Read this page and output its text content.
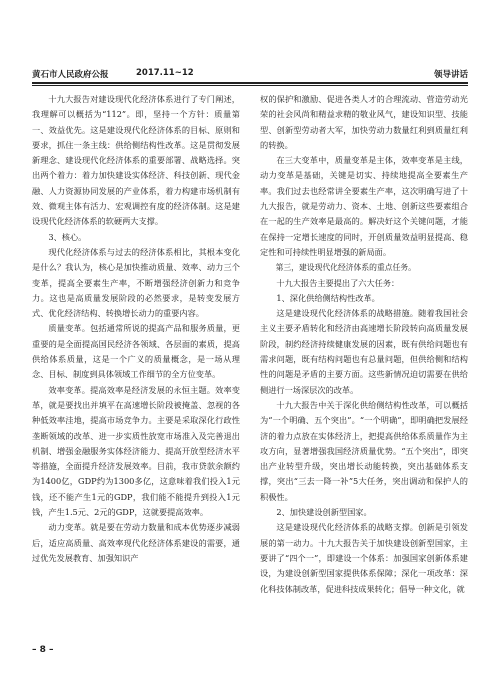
黄石市人民政府公报	2017.11~12	领导讲话

十九大报告对建设现代化经济体系进行了专门阐述，我理解可以概括为“112”。即，坚持一个方针：质量第一、效益优先。这是建设现代化经济体系的目标、原则和要求，抓住一条主线：供给侧结构性改革。这是贯彻发展新理念、建设现代化经济体系的重要部署、战略选择。突出两个着力：着力加快建设实体经济、科技创新、现代金融、人力资源协同发展的产业体系，着力构建市场机制有效、微观主体有活力、宏观调控有度的经济体制。这是建设现代化经济体系的软硬两大支撑。

3、核心。

现代化经济体系与过去的经济体系相比，其根本变化是什么？我认为，核心是加快推动质量、效率、动力三个变革，提高全要素生产率，不断增强经济创新力和竞争力。这也是高质量发展阶段的必然要求，是转变发展方式、优化经济结构、转换增长动力的重要内容。

质量变革。包括通常所说的提高产品和服务质量，更重要的是全面提高国民经济各领域、各层面的素质，提高供给体系质量，这是一个广义的质量概念，是一场从理念、目标、制度到具体领域工作细节的全方位变革。

效率变革。提高效率是经济发展的永恒主题。效率变革，就是要找出并填平在高速增长阶段被掩盖、忽视的各种低效率洼地，提高市场竞争力。主要是采取深化行政性垄断领域的改革、进一步实质性放宽市场准入及完善退出机制、增强金融服务实体经济能力、提高开放型经济水平等措施，全面提升经济发展效率。目前，我市贷款余额约为1400亿，GDP约为1300多亿，这意味着我们投入1元钱，还不能产生1元的GDP，我们能不能提升到投入1元钱，产生1.5元、2元的GDP，这就要提高效率。

动力变革。就是要在劳动力数量和成本优势逐步减弱后，适应高质量、高效率现代化经济体系建设的需要，通过优先发展教育、加强知识产

权的保护和激励、促进各类人才的合理流动、营造劳动光荣的社会风尚和精益求精的敬业风气，建设知识型、技能型、创新型劳动者大军，加快劳动力数量红利到质量红利的转换。

在三大变革中，质量变革是主体，效率变革是主线，动力变革是基础，关键是切实、持续地提高全要素生产率。我们过去也经常讲全要素生产率，这次明确写进了十九大报告，就是劳动力、资本、土地、创新这些要素组合在一起的生产效率是最高的。解决好这个关键问题，才能在保持一定增长速度的同时，开创质量效益明显提高、稳定性和可持续性明显增强的新局面。

第三，建设现代化经济体系的重点任务。

十九大报告主要提出了六大任务：

1、深化供给侧结构性改革。

这是建设现代化经济体系的战略措施。随着我国社会主义主要矛盾转化和经济由高速增长阶段转向高质量发展阶段，制约经济持续健康发展的因素，既有供给问题也有需求问题，既有结构问题也有总量问题，但供给侧和结构性的问题是矛盾的主要方面。这些新情况迫切需要在供给侧进行一场深层次的改革。

十九大报告中关于深化供给侧结构性改革，可以概括为“一个明确、五个突出”。“一个明确”，即明确把发展经济的着力点放在实体经济上，把提高供给体系质量作为主攻方向，显著增强我国经济质量优势。“五个突出”，即突出产业转型升级，突出增长动能转换，突出基础体系支撑，突出“三去一降一补”5大任务，突出调动和保护人的积极性。

2、加快建设创新型国家。

这是建设现代化经济体系的战略支撑。创新是引领发展的第一动力。十九大报告关于加快建设创新型国家，主要讲了“四个一”，即建设一个体系：加强国家创新体系建设，为建设创新型国家提供体系保障；深化一项改革：深化科技体制改革，促进科技成果转化；倡导一种文化，就

– 8 –
